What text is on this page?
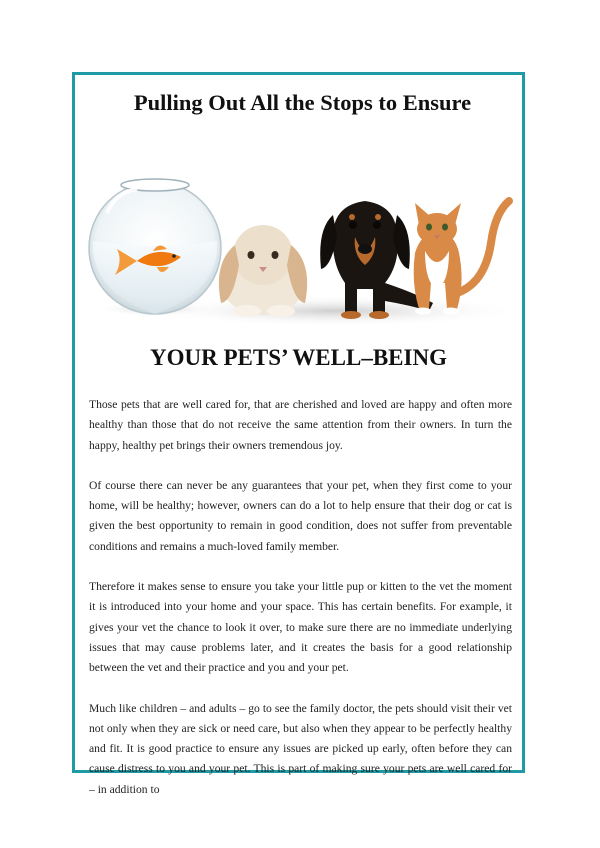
Pulling Out All the Stops to Ensure
YOUR PETS’ WELL–BEING

Those pets that are well cared for, that are cherished and loved are happy and often more healthy than those that do not receive the same attention from their owners. In turn the happy, healthy pet brings their owners tremendous joy.

Of course there can never be any guarantees that your pet, when they first come to your home, will be healthy; however, owners can do a lot to help ensure that their dog or cat is given the best opportunity to remain in good condition, does not suffer from preventable conditions and remains a much-loved family member.

Therefore it makes sense to ensure you take your little pup or kitten to the vet the moment it is introduced into your home and your space. This has certain benefits. For example, it gives your vet the chance to look it over, to make sure there are no immediate underlying issues that may cause problems later, and it creates the basis for a good relationship between the vet and their practice and you and your pet.

Much like children – and adults – go to see the family doctor, the pets should visit their vet not only when they are sick or need care, but also when they appear to be perfectly healthy and fit. It is good practice to ensure any issues are picked up early, often before they can cause distress to you and your pet. This is part of making sure your pets are well cared for – in addition to
